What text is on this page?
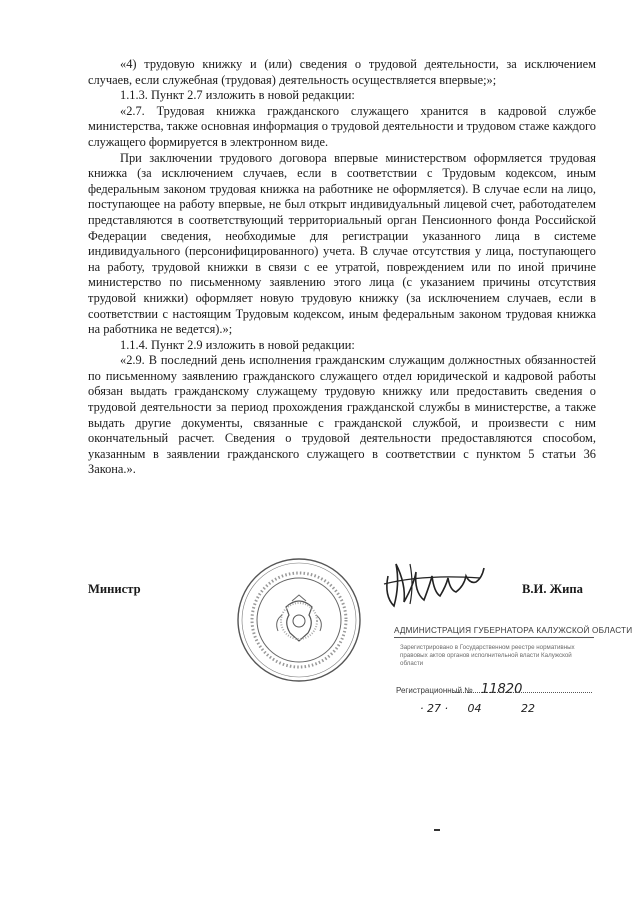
«4) трудовую книжку и (или) сведения о трудовой деятельности, за исключением случаев, если служебная (трудовая) деятельность осуществляется впервые;»;

1.1.3. Пункт 2.7 изложить в новой редакции:

«2.7. Трудовая книжка гражданского служащего хранится в кадровой службе министерства, также основная информация о трудовой деятельности и трудовом стаже каждого служащего формируется в электронном виде.

При заключении трудового договора впервые министерством оформляется трудовая книжка (за исключением случаев, если в соответствии с Трудовым кодексом, иным федеральным законом трудовая книжка на работнике не оформляется). В случае если на лицо, поступающее на работу впервые, не был открыт индивидуальный лицевой счет, работодателем представляются в соответствующий территориальный орган Пенсионного фонда Российской Федерации сведения, необходимые для регистрации указанного лица в системе индивидуального (персонифицированного) учета. В случае отсутствия у лица, поступающего на работу, трудовой книжки в связи с ее утратой, повреждением или по иной причине министерство по письменному заявлению этого лица (с указанием причины отсутствия трудовой книжки) оформляет новую трудовую книжку (за исключением случаев, если в соответствии с настоящим Трудовым кодексом, иным федеральным законом трудовая книжка на работника не ведется).»;

1.1.4. Пункт 2.9 изложить в новой редакции:

«2.9. В последний день исполнения гражданским служащим должностных обязанностей по письменному заявлению гражданского служащего отдел юридической и кадровой работы обязан выдать гражданскому служащему трудовую книжку или предоставить сведения о трудовой деятельности за период прохождения гражданской службы в министерстве, а также выдать другие документы, связанные с гражданской службой, и произвести с ним окончательный расчет. Сведения о трудовой деятельности предоставляются способом, указанным в заявлении гражданского служащего в соответствии с пунктом 5 статьи 36 Закона.».

Министр	В.И. Жипа
АДМИНИСТРАЦИЯ ГУБЕРНАТОРА КАЛУЖСКОЙ ОБЛАСТИ
Зарегистрировано в Государственном реестре нормативных правовых актов органов исполнительной власти Калужской области
Регистрационный № 11820
· 27 · 04	22
